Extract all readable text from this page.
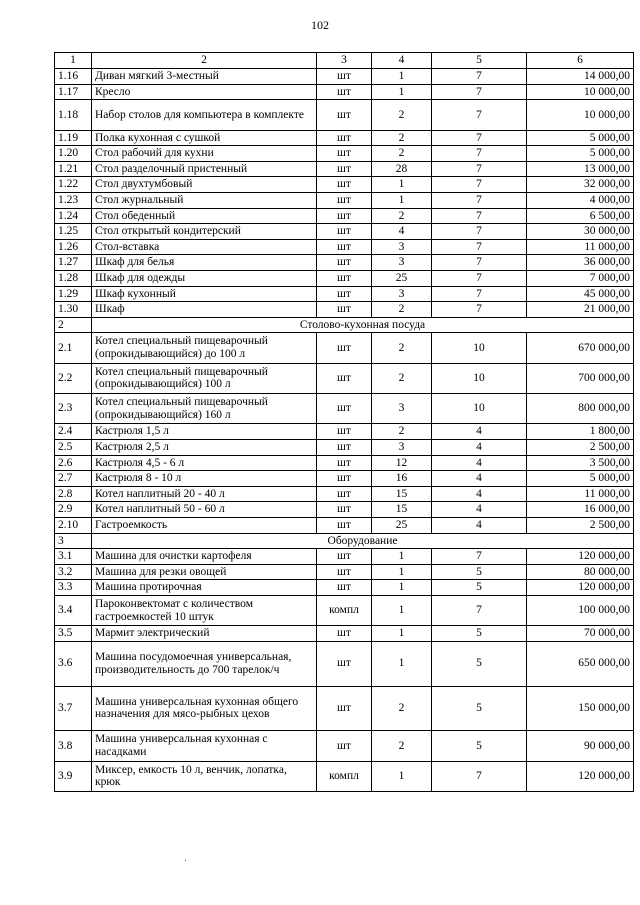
102
1	2	3	4	5	6
1.16	Диван мягкий 3-местный	шт	1	7	14 000,00
1.17	Кресло	шт	1	7	10 000,00
1.18	Набор столов для компьютера в комплекте	шт	2	7	10 000,00
1.19	Полка кухонная с сушкой	шт	2	7	5 000,00
1.20	Стол рабочий для кухни	шт	2	7	5 000,00
1.21	Стол разделочный пристенный	шт	28	7	13 000,00
1.22	Стол двухтумбовый	шт	1	7	32 000,00
1.23	Стол журнальный	шт	1	7	4 000,00
1.24	Стол обеденный	шт	2	7	6 500,00
1.25	Стол открытый кондитерский	шт	4	7	30 000,00
1.26	Стол-вставка	шт	3	7	11 000,00
1.27	Шкаф для белья	шт	3	7	36 000,00
1.28	Шкаф для одежды	шт	25	7	7 000,00
1.29	Шкаф кухонный	шт	3	7	45 000,00
1.30	Шкаф	шт	2	7	21 000,00
2	Столово-кухонная посуда				
2.1	Котел специальный пищеварочный (опрокидывающийся) до 100 л	шт	2	10	670 000,00
2.2	Котел специальный пищеварочный (опрокидывающийся) 100 л	шт	2	10	700 000,00
2.3	Котел специальный пищеварочный (опрокидывающийся) 160 л	шт	3	10	800 000,00
2.4	Кастрюля 1,5 л	шт	2	4	1 800,00
2.5	Кастрюля 2,5 л	шт	3	4	2 500,00
2.6	Кастрюля 4,5 - 6 л	шт	12	4	3 500,00
2.7	Кастрюля 8 - 10 л	шт	16	4	5 000,00
2.8	Котел наплитный 20 - 40 л	шт	15	4	11 000,00
2.9	Котел наплитный 50 - 60 л	шт	15	4	16 000,00
2.10	Гастроемкость	шт	25	4	2 500,00
3	Оборудование				
3.1	Машина для очистки картофеля	шт	1	7	120 000,00
3.2	Машина для резки овощей	шт	1	5	80 000,00
3.3	Машина протирочная	шт	1	5	120 000,00
3.4	Пароконвектомат с количеством гастроемкостей 10 штук	компл	1	7	100 000,00
3.5	Мармит электрический	шт	1	5	70 000,00
3.6	Машина посудомоечная универсальная, производительность до 700 тарелок/ч	шт	1	5	650 000,00
3.7	Машина универсальная кухонная общего назначения для мясо-рыбных цехов	шт	2	5	150 000,00
3.8	Машина универсальная кухонная с насадками	шт	2	5	90 000,00
3.9	Миксер, емкость 10 л, венчик, лопатка, крюк	компл	1	7	120 000,00
